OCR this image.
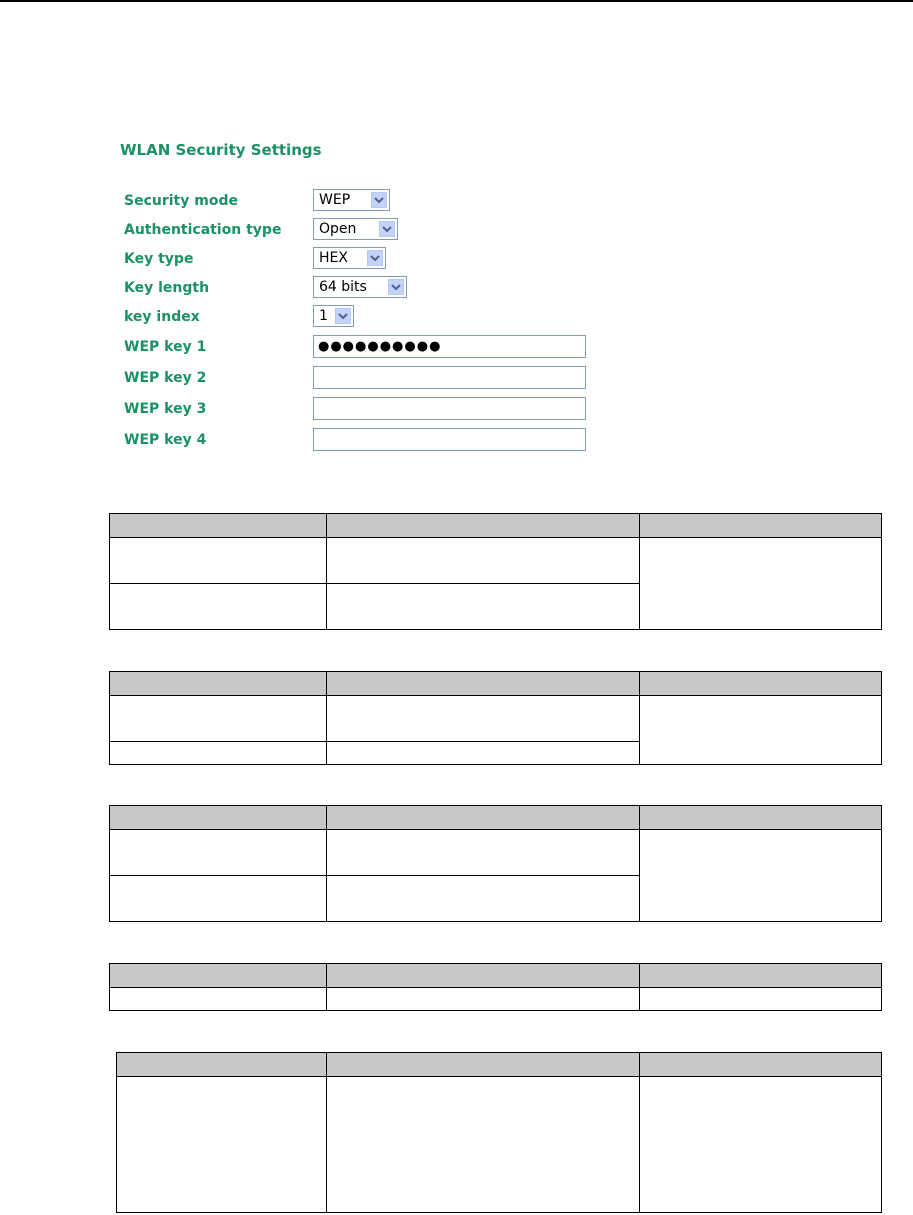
WLAN Security Settings
Security mode	WEP
Authentication type	Open
Key type	HEX
Key length	64 bits
key index	1
WEP key 1	●●●●●●●●●●
WEP key 2
WEP key 3
WEP key 4
